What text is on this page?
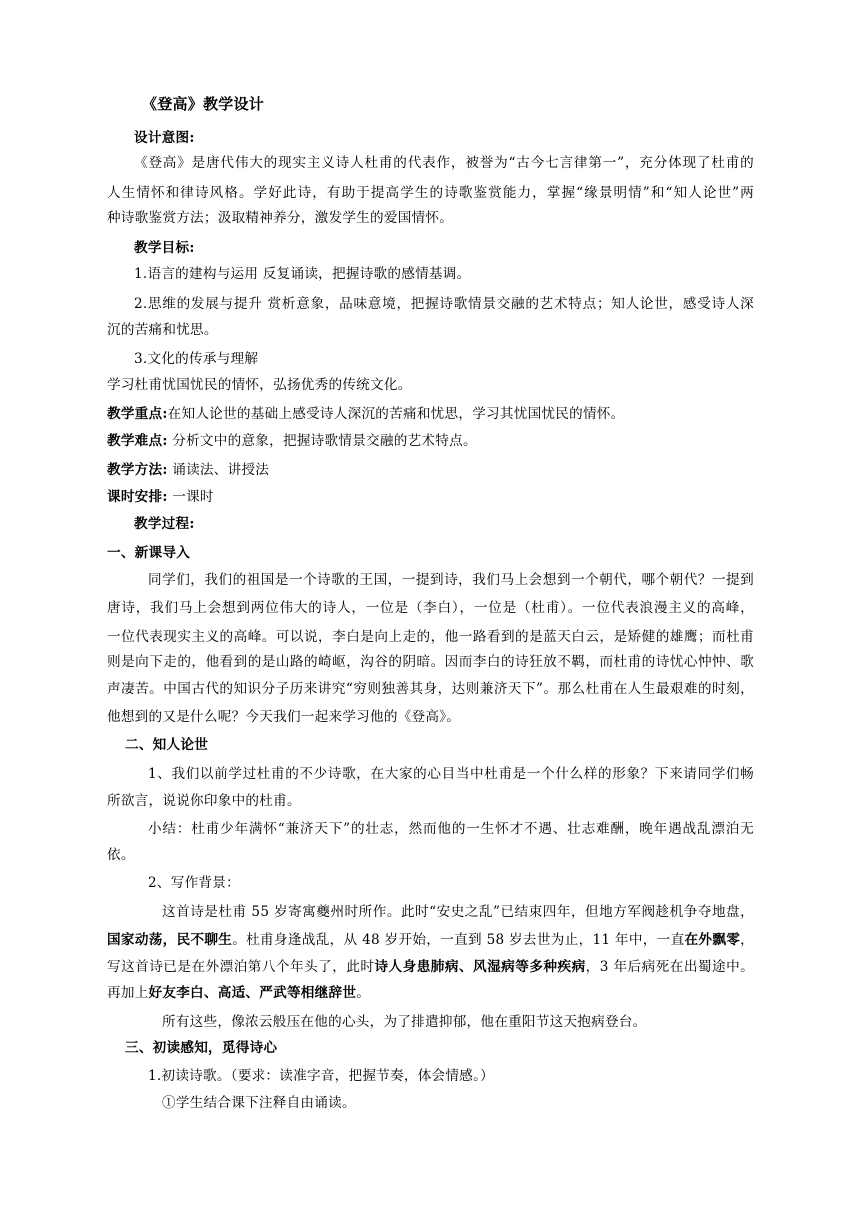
《登高》教学设计
设计意图:
《登高》是唐代伟大的现实主义诗人杜甫的代表作，被誉为“古今七言律第一”，充分体现了杜甫的
人生情怀和律诗风格。学好此诗，有助于提高学生的诗歌鉴赏能力，掌握“缘景明情”和“知人论世”两
种诗歌鉴赏方法；汲取精神养分，激发学生的爱国情怀。
教学目标:
1.语言的建构与运用 反复诵读，把握诗歌的感情基调。
2.思维的发展与提升 赏析意象，品味意境，把握诗歌情景交融的艺术特点；知人论世，感受诗人深
沉的苦痛和忧思。
3.文化的传承与理解
学习杜甫忧国忧民的情怀，弘扬优秀的传统文化。
教学重点:在知人论世的基础上感受诗人深沉的苦痛和忧思，学习其忧国忧民的情怀。
教学难点: 分析文中的意象，把握诗歌情景交融的艺术特点。
教学方法: 诵读法、讲授法
课时安排: 一课时
教学过程:
一、新课导入
同学们，我们的祖国是一个诗歌的王国，一提到诗，我们马上会想到一个朝代，哪个朝代？一提到
唐诗，我们马上会想到两位伟大的诗人，一位是（李白），一位是（杜甫）。一位代表浪漫主义的高峰，
一位代表现实主义的高峰。可以说，李白是向上走的，他一路看到的是蓝天白云，是矫健的雄鹰；而杜甫
则是向下走的，他看到的是山路的崎岖，沟谷的阴暗。因而李白的诗狂放不羁，而杜甫的诗忧心忡忡、歌
声凄苦。中国古代的知识分子历来讲究“穷则独善其身，达则兼济天下”。那么杜甫在人生最艰难的时刻，
他想到的又是什么呢？今天我们一起来学习他的《登高》。
二、知人论世
1、我们以前学过杜甫的不少诗歌，在大家的心目当中杜甫是一个什么样的形象？下来请同学们畅
所欲言，说说你印象中的杜甫。
小结：杜甫少年满怀“兼济天下”的壮志，然而他的一生怀才不遇、壮志难酬，晚年遇战乱漂泊无
依。
2、写作背景：
这首诗是杜甫 55 岁寄寓夔州时所作。此时“安史之乱”已结束四年，但地方军阀趁机争夺地盘，
国家动荡，民不聊生。杜甫身逢战乱，从 48 岁开始，一直到 58 岁去世为止，11 年中，一直在外飘零，
写这首诗已是在外漂泊第八个年头了，此时诗人身患肺病、风湿病等多种疾病，3 年后病死在出蜀途中。
再加上好友李白、高适、严武等相继辞世。
所有这些，像浓云般压在他的心头，为了排遣抑郁，他在重阳节这天抱病登台。
三、初读感知，觅得诗心
1.初读诗歌。（要求：读准字音，把握节奏，体会情感。）
①学生结合课下注释自由诵读。
